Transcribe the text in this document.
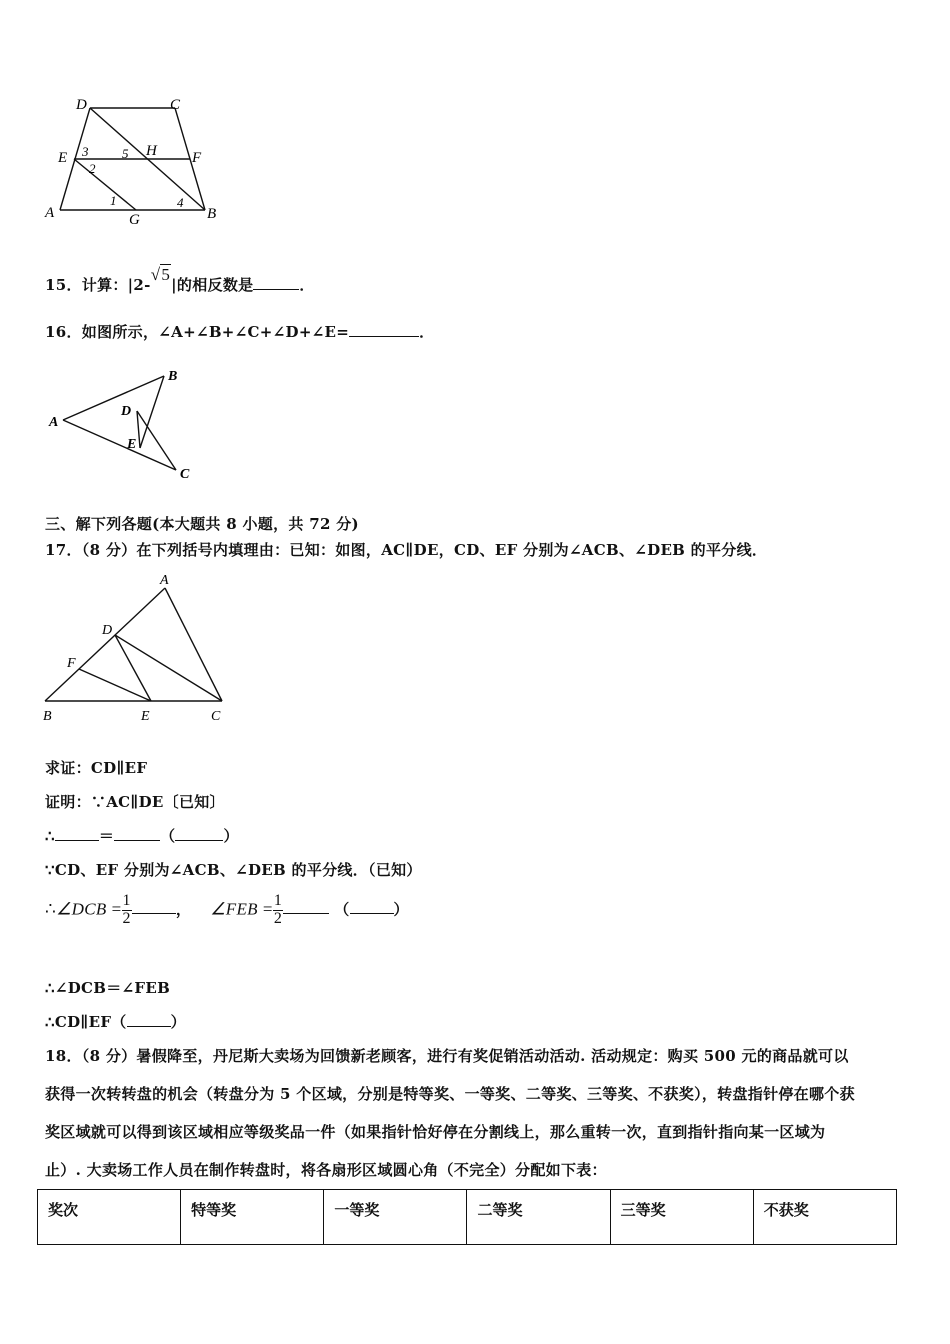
D	C
E 3	5 H F
2
A
1	4
B
G
15．计算：|2-√5|的相反数是	．
16．如图所示，∠A+∠B+∠C+∠D+∠E=	．
A
B
C
D
E
三、解下列各题(本大题共 8 小题，共 72 分)
17．（8 分）在下列括号内填理由：已知：如图，AC∥DE，CD、EF 分别为∠ACB、∠DEB 的平分线．
A
D
F
B	E	C
求证：CD∥EF
证明：∵AC∥DE〔已知〕
∴	＝	（	）
∵CD、EF 分别为∠ACB、∠DEB 的平分线．（已知）
∴∠DCB = $\frac{1}{2}$	， ∠FEB = $\frac{1}{2}$	（	）
∴∠DCB＝∠FEB
∴CD∥EF（	）
18．（8 分）暑假降至，丹尼斯大卖场为回馈新老顾客，进行有奖促销活动活动. 活动规定：购买 500 元的商品就可以
获得一次转转盘的机会（转盘分为 5 个区域，分别是特等奖、一等奖、二等奖、三等奖、不获奖），转盘指针停在哪个获
奖区域就可以得到该区域相应等级奖品一件（如果指针恰好停在分割线上，那么重转一次，直到指针指向某一区域为
止）. 大卖场工作人员在制作转盘时，将各扇形区域圆心角（不完全）分配如下表：
奖次	特等奖	一等奖	二等奖	三等奖	不获奖
